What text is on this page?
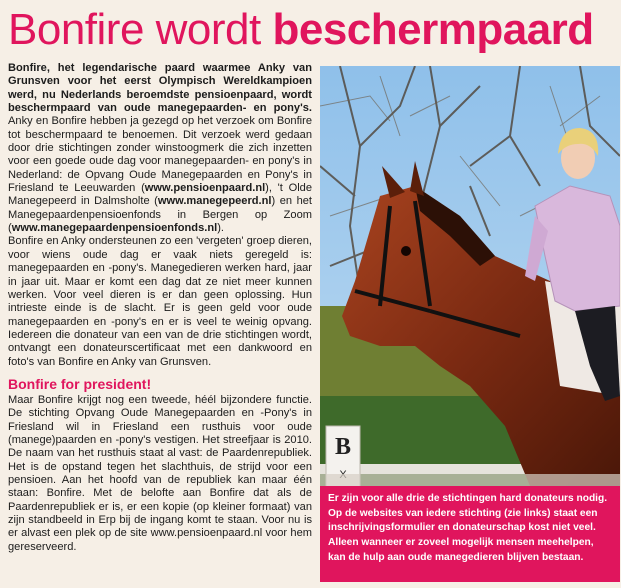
Bonfire wordt beschermpaard

Bonfire, het legendarische paard waarmee Anky van Grunsven voor het eerst Olympisch Wereldkampioen werd, nu Nederlands beroemdste pensioenpaard, wordt beschermpaard van oude manegepaarden- en pony's. Anky en Bonfire hebben ja gezegd op het verzoek om Bonfire tot beschermpaard te benoemen. Dit verzoek werd gedaan door drie stichtingen zonder winstoogmerk die zich inzetten voor een goede oude dag voor manegepaarden- en pony's in Nederland: de Opvang Oude Manegepaarden en Pony's in Friesland te Leeuwarden (www.pensioenpaard.nl), 't Olde Manegepeerd in Dalmsholte (www.manegepeerd.nl) en het Manegepaardenpensioenfonds in Bergen op Zoom (www.manegepaardenpensioenfonds.nl).

Bonfire en Anky ondersteunen zo een 'vergeten' groep dieren, voor wiens oude dag er vaak niets geregeld is: manegepaarden en -pony's. Manegedieren werken hard, jaar in jaar uit. Maar er komt een dag dat ze niet meer kunnen werken. Voor veel dieren is er dan geen oplossing. Hun intrieste einde is de slacht. Er is geen geld voor oude manegepaarden en -pony's en er is veel te weinig opvang. Iedereen die donateur van een van de drie stichtingen wordt, ontvangt een donateurscertificaat met een dankwoord en foto's van Bonfire en Anky van Grunsven.

Bonfire for president!

Maar Bonfire krijgt nog een tweede, héél bijzondere functie. De stichting Opvang Oude Manegepaarden en -Pony's in Friesland wil in Friesland een rusthuis voor oude (manege)paarden en -pony's vestigen. Het streefjaar is 2010. De naam van het rusthuis staat al vast: de Paardenrepubliek. Het is de opstand tegen het slachthuis, de strijd voor een pensioen. Aan het hoofd van de republiek kan maar één staan: Bonfire. Met de belofte aan Bonfire dat als de Paardenrepubliek er is, er een kopie (op kleiner formaat) van zijn standbeeld in Erp bij de ingang komt te staan. Voor nu is er alvast een plek op de site www.pensioenpaard.nl voor hem gereserveerd.

B
Er zijn voor alle drie de stichtingen hard donateurs nodig.
Op de websites van iedere stichting (zie links) staat een
inschrijvingsformulier en donateurschap kost niet veel.
Alleen wanneer er zoveel mogelijk mensen meehelpen,
kan de hulp aan oude manegedieren blijven bestaan.
